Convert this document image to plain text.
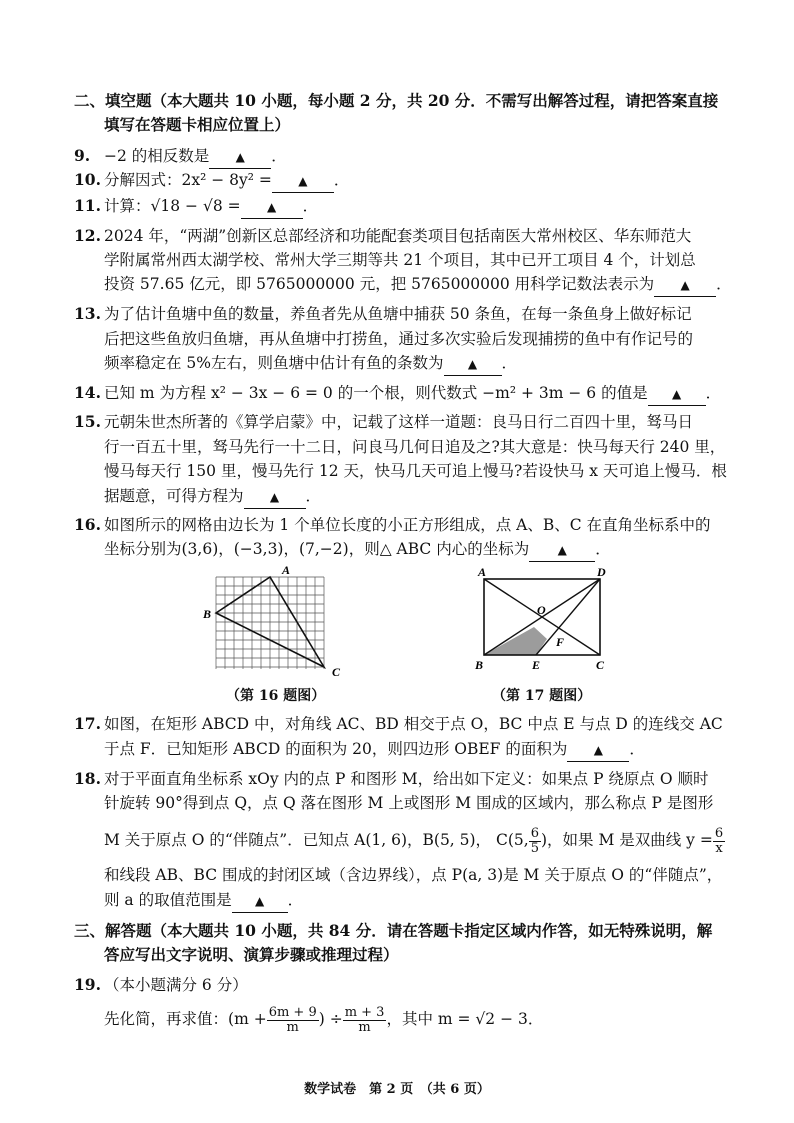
二、填空题（本大题共 10 小题，每小题 2 分，共 20 分．不需写出解答过程，请把答案直接
填写在答题卡相应位置上）
9. −2 的相反数是 ▲ ．
10. 分解因式：2x² − 8y² = ▲ ．
11. 计算：√18 − √8 = ▲ ．
12. 2024 年，“两湖”创新区总部经济和功能配套类项目包括南医大常州校区、华东师范大
学附属常州西太湖学校、常州大学三期等共 21 个项目，其中已开工项目 4 个，计划总
投资 57.65 亿元，即 5765000000 元，把 5765000000 用科学记数法表示为 ▲ ．
13. 为了估计鱼塘中鱼的数量，养鱼者先从鱼塘中捕获 50 条鱼，在每一条鱼身上做好标记
后把这些鱼放归鱼塘，再从鱼塘中打捞鱼，通过多次实验后发现捕捞的鱼中有作记号的
频率稳定在 5%左右，则鱼塘中估计有鱼的条数为 ▲ ．
14. 已知 m 为方程 x² − 3x − 6 = 0 的一个根，则代数式 −m² + 3m − 6 的值是 ▲ ．
15. 元朝朱世杰所著的《算学启蒙》中，记载了这样一道题：良马日行二百四十里，驽马日
行一百五十里，驽马先行一十二日，问良马几何日追及之?其大意是：快马每天行 240 里，
慢马每天行 150 里，慢马先行 12 天，快马几天可追上慢马?若设快马 x 天可追上慢马．根
据题意，可得方程为 ▲ ．
16. 如图所示的网格由边长为 1 个单位长度的小正方形组成，点 A、B、C 在直角坐标系中的
坐标分别为(3,6)，(−3,3)，(7,−2)，则△ ABC 内心的坐标为 ▲ ．
A
B
C
（第 16 题图）
A	D
O
F
B	E	C
（第 17 题图）
17. 如图，在矩形 ABCD 中，对角线 AC、BD 相交于点 O，BC 中点 E 与点 D 的连线交 AC
于点 F．已知矩形 ABCD 的面积为 20，则四边形 OBEF 的面积为 ▲ ．
18. 对于平面直角坐标系 xOy 内的点 P 和图形 M，给出如下定义：如果点 P 绕原点 O 顺时
针旋转 90°得到点 Q，点 Q 落在图形 M 上或图形 M 围成的区域内，那么称点 P 是图形
M 关于原点 O 的“伴随点”．已知点 A(1, 6)，B(5, 5)， C(5, $\frac{6}{5}$ )，如果 M 是双曲线 $y = \frac{6}{x}$
和线段 AB、BC 围成的封闭区域（含边界线），点 P(a, 3)是 M 关于原点 O 的“伴随点”，
则 a 的取值范围是 ▲ ．
三、解答题（本大题共 10 小题，共 84 分．请在答题卡指定区域内作答，如无特殊说明，解
答应写出文字说明、演算步骤或推理过程）
19. （本小题满分 6 分）
先化简，再求值：($m + \frac{6m + 9}{m}$ ) ÷ $\frac{m + 3}{m}$ ，其中 m = √2 − 3．
数学试卷　第 2 页　（共 6 页）
